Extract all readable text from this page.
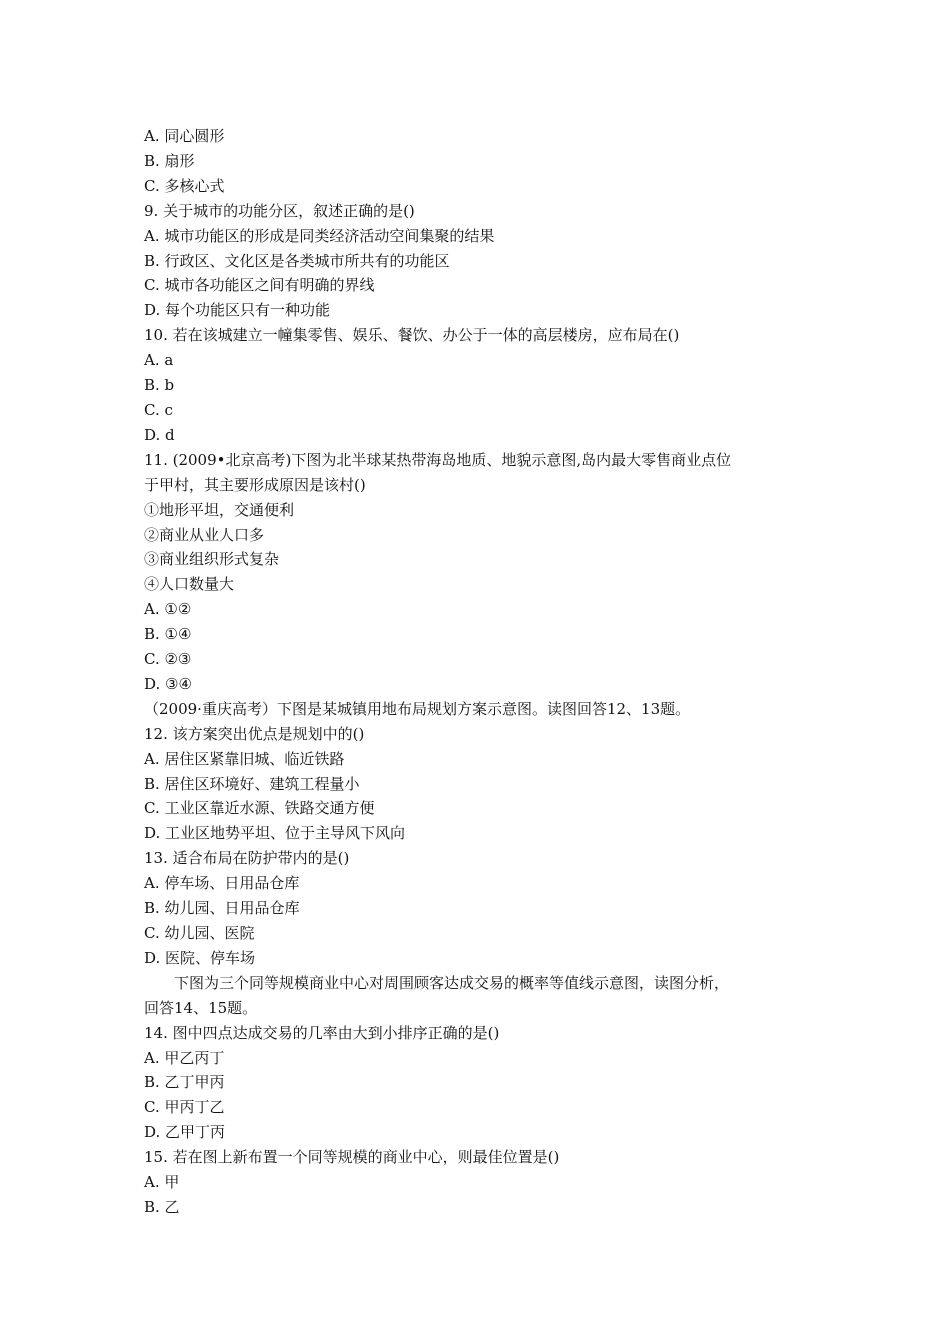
A. 同心圆形
B. 扇形
C. 多核心式
9. 关于城市的功能分区，叙述正确的是()
A. 城市功能区的形成是同类经济活动空间集聚的结果
B. 行政区、文化区是各类城市所共有的功能区
C. 城市各功能区之间有明确的界线
D. 每个功能区只有一种功能
10. 若在该城建立一幢集零售、娱乐、餐饮、办公于一体的高层楼房，应布局在()
A. a
B. b
C. c
D. d
11. (2009•北京高考)下图为北半球某热带海岛地质、地貌示意图,岛内最大零售商业点位
于甲村，其主要形成原因是该村()
①地形平坦，交通便利
②商业从业人口多
③商业组织形式复杂
④人口数量大
A. ①②
B. ①④
C. ②③
D. ③④
（2009·重庆高考）下图是某城镇用地布局规划方案示意图。读图回答12、13题。
12. 该方案突出优点是规划中的()
A. 居住区紧靠旧城、临近铁路
B. 居住区环境好、建筑工程量小
C. 工业区靠近水源、铁路交通方便
D. 工业区地势平坦、位于主导风下风向
13. 适合布局在防护带内的是()
A. 停车场、日用品仓库
B. 幼儿园、日用品仓库
C. 幼儿园、医院
D. 医院、停车场
下图为三个同等规模商业中心对周围顾客达成交易的概率等值线示意图，读图分析，
回答14、15题。
14. 图中四点达成交易的几率由大到小排序正确的是()
A. 甲乙丙丁
B. 乙丁甲丙
C. 甲丙丁乙
D. 乙甲丁丙
15. 若在图上新布置一个同等规模的商业中心，则最佳位置是()
A. 甲
B. 乙
